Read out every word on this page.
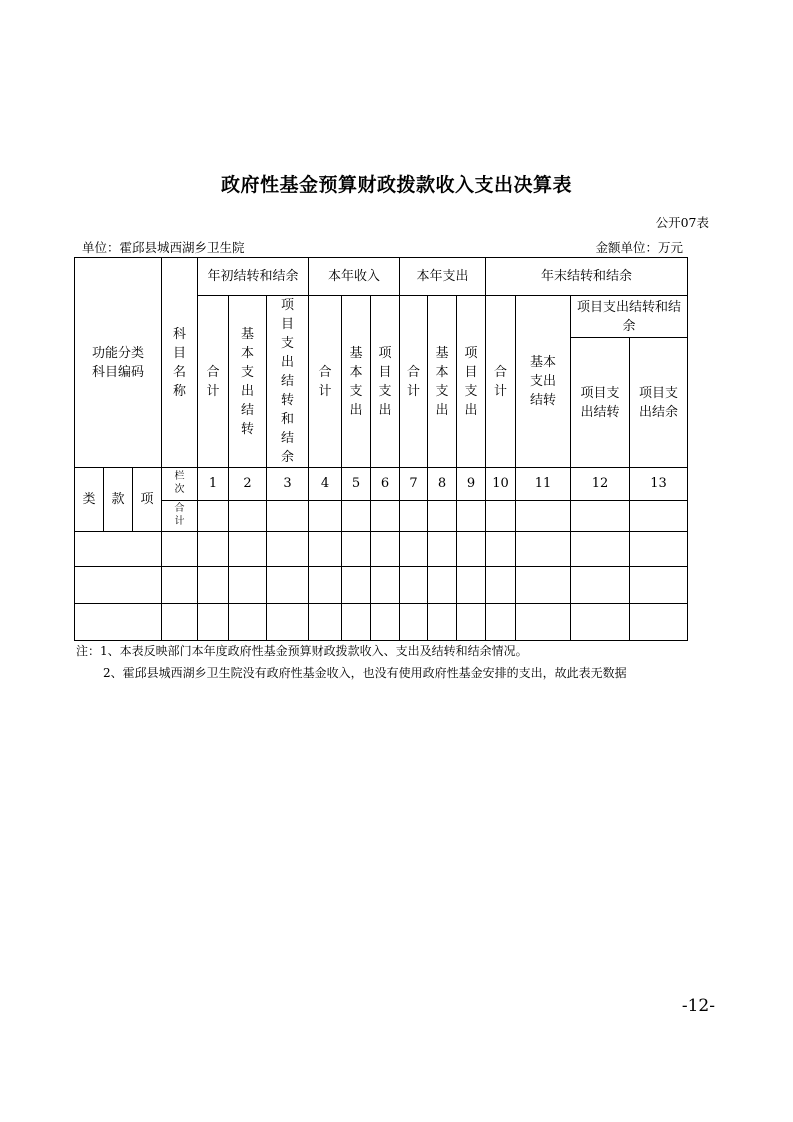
政府性基金预算财政拨款收入支出决算表
公开07表
单位：霍邱县城西湖乡卫生院	金额单位：万元
功能分类科目编码			科目名称	年初结转和结余			本年收入			本年支出			年末结转和结余			
				合计	基本支出结转	项目支出结转和结余	合计	基本支出	项目支出	合计	基本支出	项目支出	合计	基本支出结转	项目支出结转和结余	
															项目支出结转	项目支出结余
类	款	项	栏次	1	2	3	4	5	6	7	8	9	10	11	12	13
			合计													

注：1、本表反映部门本年度政府性基金预算财政拨款收入、支出及结转和结余情况。
2、霍邱县城西湖乡卫生院没有政府性基金收入，也没有使用政府性基金安排的支出，故此表无数据
-12-
